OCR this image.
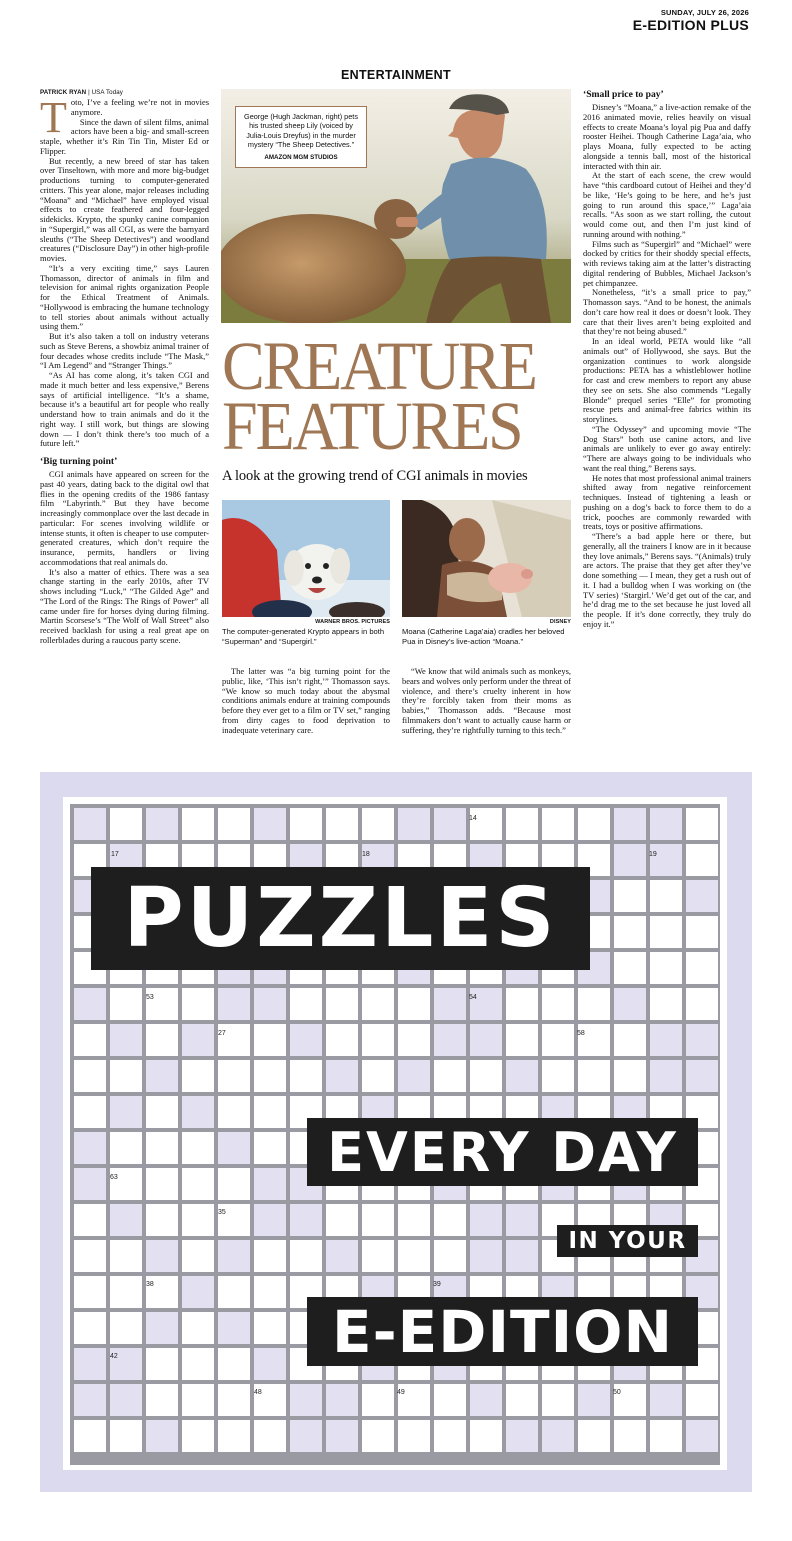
SUNDAY, JULY 26, 2026
E-EDITION PLUS
ENTERTAINMENT
PATRICK RYAN | USA Today
T oto, I’ve a feeling we’re not in movies anymore.

Since the dawn of silent films, animal actors have been a big- and small-screen staple, whether it’s Rin Tin Tin, Mister Ed or Flipper.

But recently, a new breed of star has taken over Tinseltown, with more and more big-budget productions turning to computer-generated critters. This year alone, major releases including “Moana” and “Michael” have employed visual effects to create feathered and four-legged sidekicks. Krypto, the spunky canine companion in “Supergirl,” was all CGI, as were the barnyard sleuths (“The Sheep Detectives”) and woodland creatures (“Disclosure Day”) in other high-profile movies.

“It’s a very exciting time,” says Lauren Thomasson, director of animals in film and television for animal rights organization People for the Ethical Treatment of Animals. “Hollywood is embracing the humane technology to tell stories about animals without actually using them.”

But it’s also taken a toll on industry veterans such as Steve Berens, a showbiz animal trainer of four decades whose credits include “The Mask,” “I Am Legend” and “Stranger Things.”

“As AI has come along, it’s taken CGI and made it much better and less expensive,” Berens says of artificial intelligence. “It’s a shame, because it’s a beautiful art for people who really understand how to train animals and do it the right way. I still work, but things are slowing down — I don’t think there’s too much of a future left.”

‘Big turning point’

CGI animals have appeared on screen for the past 40 years, dating back to the digital owl that flies in the opening credits of the 1986 fantasy film “Labyrinth.” But they have become increasingly commonplace over the last decade in particular: For scenes involving wildlife or intense stunts, it often is cheaper to use computer-generated creatures, which don’t require the insurance, permits, handlers or living accommodations that real animals do.

It’s also a matter of ethics. There was a sea change starting in the early 2010s, after TV shows including “Luck,” “The Gilded Age” and “The Lord of the Rings: The Rings of Power” all came under fire for horses dying during filming. Martin Scorsese’s “The Wolf of Wall Street” also received backlash for using a real great ape on rollerblades during a raucous party scene.

George (Hugh Jackman, right) pets his trusted sheep Lily (voiced by Julia-Louis Dreyfus) in the murder mystery “The Sheep Detectives.”
AMAZON MGM STUDIOS
CREATURE
FEATURES
A look at the growing trend of CGI animals in movies
WARNER BROS. PICTURES
The computer-generated Krypto appears in both “Superman” and “Supergirl.”
DISNEY
Moana (Catherine Laga’aia) cradles her beloved Pua in Disney’s live-action “Moana.”

The latter was “a big turning point for the public, like, ‘This isn’t right,’” Thomasson says. “We know so much today about the abysmal conditions animals endure at training compounds before they ever get to a film or TV set,” ranging from dirty cages to food deprivation to inadequate veterinary care.

“We know that wild animals such as monkeys, bears and wolves only perform under the threat of violence, and there’s cruelty inherent in how they’re forcibly taken from their moms as babies,” Thomasson adds. “Because most filmmakers don’t want to actually cause harm or suffering, they’re rightfully turning to this tech.”

‘Small price to pay’

Disney’s “Moana,” a live-action remake of the 2016 animated movie, relies heavily on visual effects to create Moana’s loyal pig Pua and daffy rooster Heihei. Though Catherine Laga’aia, who plays Moana, fully expected to be acting alongside a tennis ball, most of the historical interacted with thin air.

At the start of each scene, the crew would have “this cardboard cutout of Heihei and they’d be like, ‘He’s going to be here, and he’s just going to run around this space,’” Laga’aia recalls. “As soon as we start rolling, the cutout would come out, and then I’m just kind of running around with nothing.”

Films such as “Supergirl” and “Michael” were docked by critics for their shoddy special effects, with reviews taking aim at the latter’s distracting digital rendering of Bubbles, Michael Jackson’s pet chimpanzee.

Nonetheless, “it’s a small price to pay,” Thomasson says. “And to be honest, the animals don’t care how real it does or doesn’t look. They care that their lives aren’t being exploited and that they’re not being abused.”

In an ideal world, PETA would like “all animals out” of Hollywood, she says. But the organization continues to work alongside productions: PETA has a whistleblower hotline for cast and crew members to report any abuse they see on sets. She also commends “Legally Blonde” prequel series “Elle” for promoting rescue pets and animal-free fabrics within its storylines.

“The Odyssey” and upcoming movie “The Dog Stars” both use canine actors, and live animals are unlikely to ever go away entirely: “There are always going to be individuals who want the real thing,” Berens says.

He notes that most professional animal trainers shifted away from negative reinforcement techniques. Instead of tightening a leash or pushing on a dog’s back to force them to do a trick, pooches are commonly rewarded with treats, toys or positive affirmations.

“There’s a bad apple here or there, but generally, all the trainers I know are in it because they love animals,” Berens says. “(Animals) truly are actors. The praise that they get after they’ve done something — I mean, they get a rush out of it. I had a bulldog when I was working on (the TV series) ‘Stargirl.’ We’d get out of the car, and he’d drag me to the set because he just loved all the people. If it’s done correctly, they truly do enjoy it.”

14
17	18	19
53	54
27	58
63
35
38	39
42
48	49	50
PUZZLES
EVERY DAY
IN YOUR
E-EDITION
